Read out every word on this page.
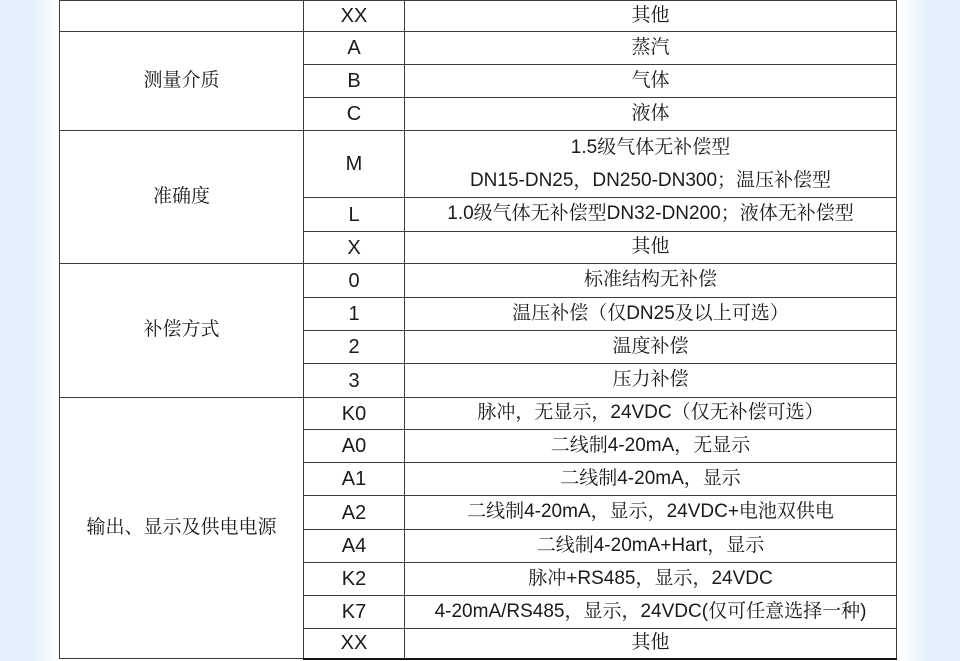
	XX	其他
测量介质	A	蒸汽
	B	气体
	C	液体
准确度	M	1.5级气体无补偿型
DN15-DN25，DN250-DN300；温压补偿型

	L	1.0级气体无补偿型DN32-DN200；液体无补偿型
	X	其他
补偿方式	0	标准结构无补偿
	1	温压补偿（仅DN25及以上可选）
	2	温度补偿
	3	压力补偿
输出、显示及供电电源	K0	脉冲，无显示，24VDC（仅无补偿可选）
	A0	二线制4-20mA，无显示
	A1	二线制4-20mA，显示
	A2	二线制4-20mA，显示，24VDC+电池双供电
	A4	二线制4-20mA+Hart，显示
	K2	脉冲+RS485，显示，24VDC
	K7	4-20mA/RS485，显示，24VDC(仅可任意选择一种)
	XX	其他
